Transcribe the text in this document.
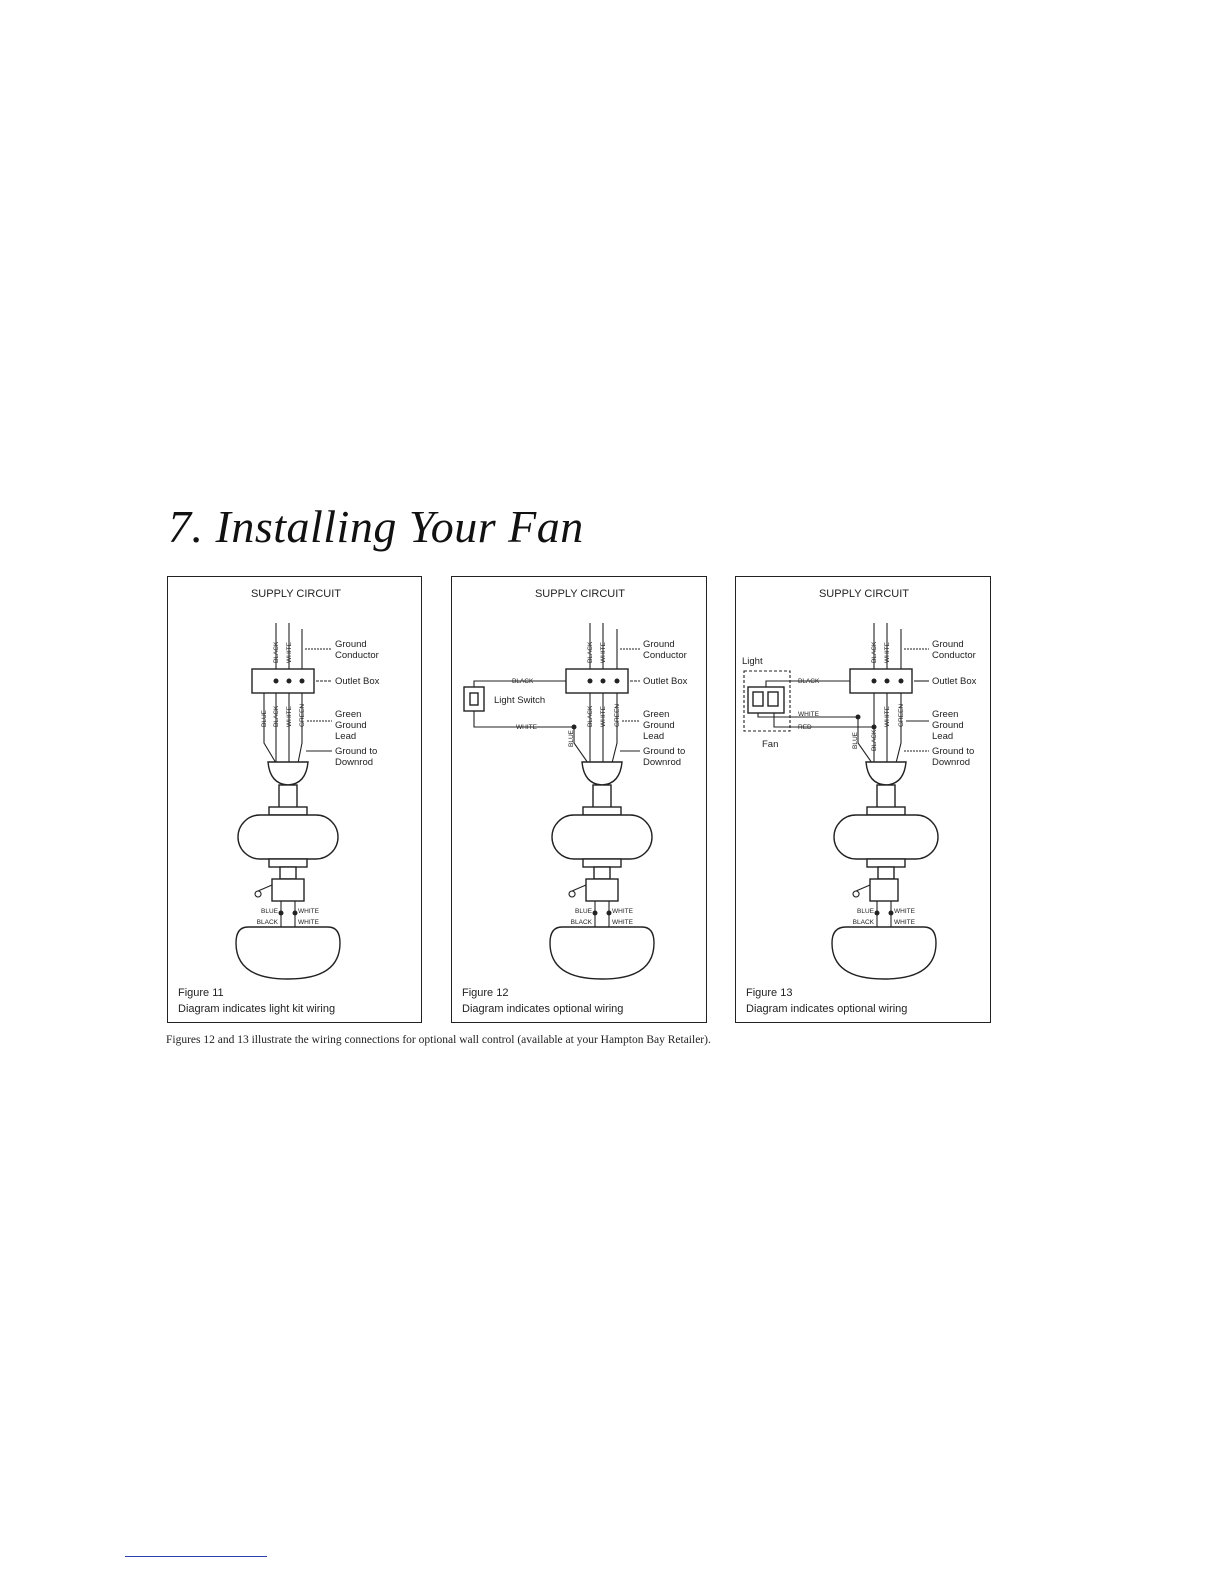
7. Installing Your Fan
SUPPLY CIRCUIT
BLACK WHITE	Ground
Conductor
Outlet Box
BLUE BLACK WHITE GREEN	Green
Ground
Lead
Ground to
Downrod
BLUE
BLACK
WHITE
WHITE
Figure 11
Diagram indicates light kit wiring
SUPPLY CIRCUIT
BLACK WHITE	Ground
Conductor
Outlet Box
BLACK
Light Switch
WHITE
BLUE
BLACK WHITE GREEN Green
Ground
Lead
Ground to
Downrod
BLUE
BLACK
WHITE
WHITE
Figure 12
Diagram indicates optional wiring
SUPPLY CIRCUIT
BLACK WHITE	Ground
Conductor
Outlet Box
Light
BLACK
WHITE
RED
Fan	BLUE BLACK
WHITE GREEN	Green
Ground
Lead
Ground to
Downrod
BLUE
BLACK
WHITE
WHITE
Figure 13
Diagram indicates optional wiring

Figures 12 and 13 illustrate the wiring connections for optional wall control (available at your Hampton Bay Retailer).
